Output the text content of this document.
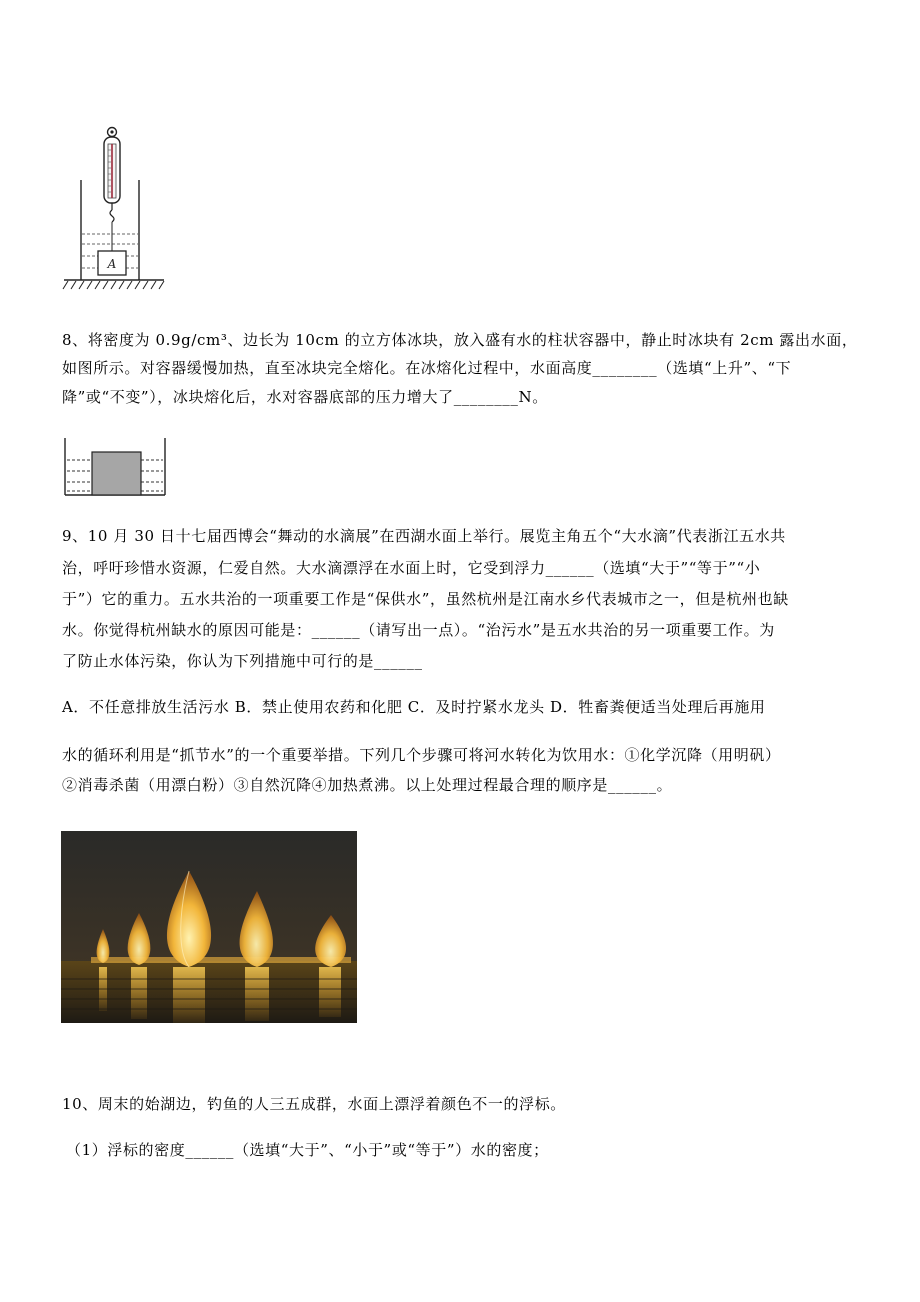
A
8、将密度为 0.9g/cm³、边长为 10cm 的立方体冰块，放入盛有水的柱状容器中，静止时冰块有 2cm 露出水面，
如图所示。对容器缓慢加热，直至冰块完全熔化。在冰熔化过程中，水面高度________（选填“上升”、“下
降”或“不变”），冰块熔化后，水对容器底部的压力增大了________N。
9、10 月 30 日十七届西博会“舞动的水滴展”在西湖水面上举行。展览主角五个“大水滴”代表浙江五水共
治，呼吁珍惜水资源，仁爱自然。大水滴漂浮在水面上时，它受到浮力______（选填“大于”“等于”“小
于”）它的重力。五水共治的一项重要工作是“保供水”，虽然杭州是江南水乡代表城市之一，但是杭州也缺
水。你觉得杭州缺水的原因可能是：______（请写出一点）。“治污水”是五水共治的另一项重要工作。为
了防止水体污染，你认为下列措施中可行的是______
A．不任意排放生活污水 B．禁止使用农药和化肥 C．及时拧紧水龙头 D．牲畜粪便适当处理后再施用
水的循环利用是“抓节水”的一个重要举措。下列几个步骤可将河水转化为饮用水：①化学沉降（用明矾）
②消毒杀菌（用漂白粉）③自然沉降④加热煮沸。以上处理过程最合理的顺序是______。
10、周末的始湖边，钓鱼的人三五成群，水面上漂浮着颜色不一的浮标。
（1）浮标的密度______（选填“大于”、“小于”或“等于”）水的密度；
